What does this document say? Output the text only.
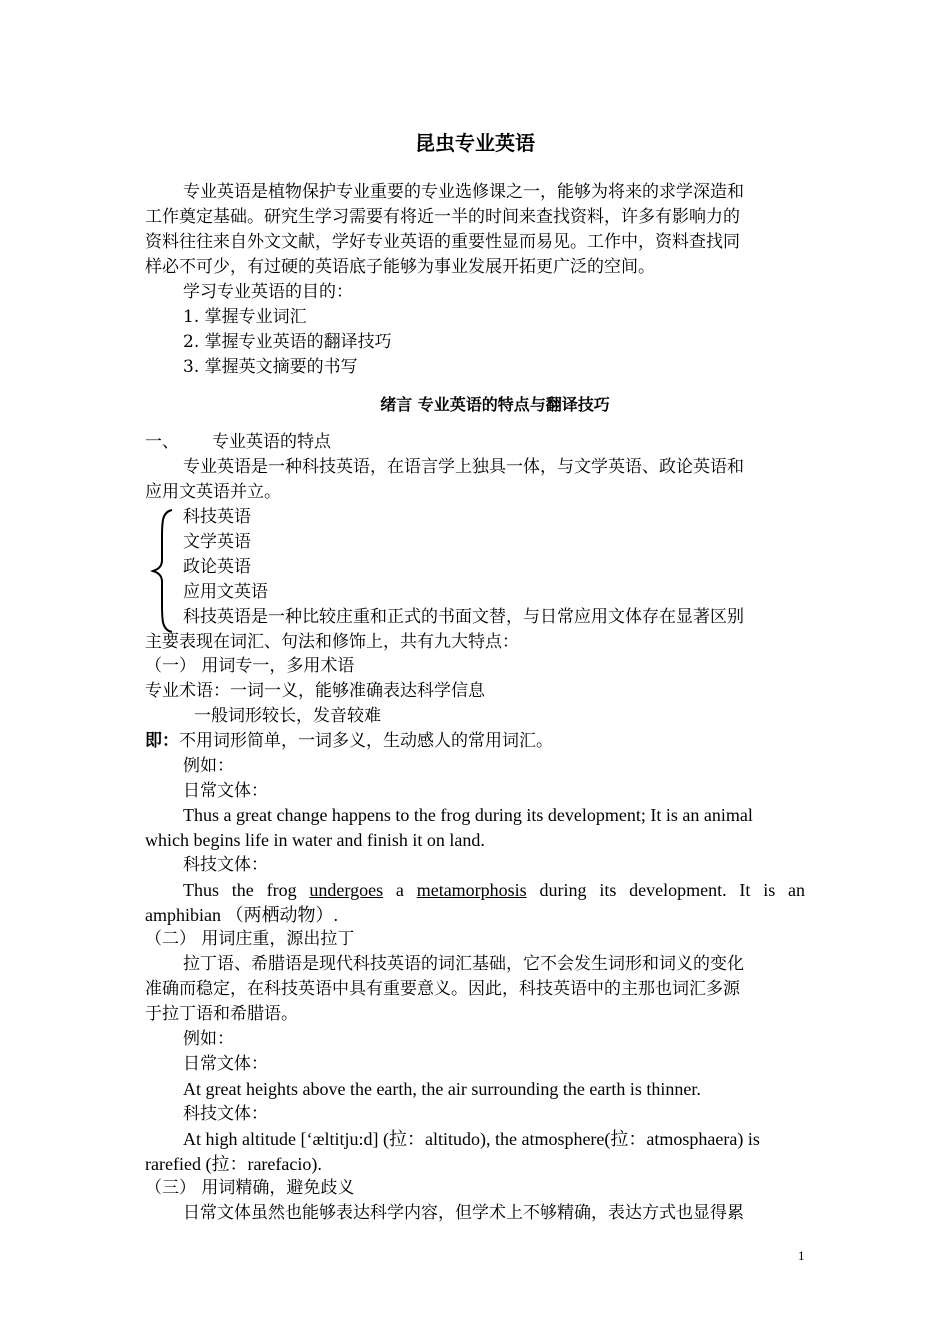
昆虫专业英语
专业英语是植物保护专业重要的专业选修课之一，能够为将来的求学深造和
工作奠定基础。研究生学习需要有将近一半的时间来查找资料，许多有影响力的
资料往往来自外文文献，学好专业英语的重要性显而易见。工作中，资料查找同
样必不可少，有过硬的英语底子能够为事业发展开拓更广泛的空间。
学习专业英语的目的：
1. 掌握专业词汇
2. 掌握专业英语的翻译技巧
3. 掌握英文摘要的书写
绪言 专业英语的特点与翻译技巧
一、 专业英语的特点
专业英语是一种科技英语，在语言学上独具一体，与文学英语、政论英语和
应用文英语并立。
科技英语
文学英语
政论英语
应用文英语
科技英语是一种比较庄重和正式的书面文替，与日常应用文体存在显著区别
主要表现在词汇、句法和修饰上，共有九大特点：
（一） 用词专一，多用术语
专业术语：一词一义，能够准确表达科学信息
一般词形较长，发音较难
即：不用词形简单，一词多义，生动感人的常用词汇。
例如：
日常文体：
Thus a great change happens to the frog during its development; It is an animal
which begins life in water and finish it on land.
科技文体：
Thus the frog undergoes a metamorphosis during its development. It is an
amphibian （两栖动物）.
（二） 用词庄重，源出拉丁
拉丁语、希腊语是现代科技英语的词汇基础，它不会发生词形和词义的变化
准确而稳定，在科技英语中具有重要意义。因此，科技英语中的主那也词汇多源
于拉丁语和希腊语。
例如：
日常文体：
At great heights above the earth, the air surrounding the earth is thinner.
科技文体：
At high altitude [‘æltitju:d] (拉：altitudo), the atmosphere(拉：atmosphaera) is
rarefied (拉：rarefacio).
（三） 用词精确，避免歧义
日常文体虽然也能够表达科学内容，但学术上不够精确，表达方式也显得累
1
